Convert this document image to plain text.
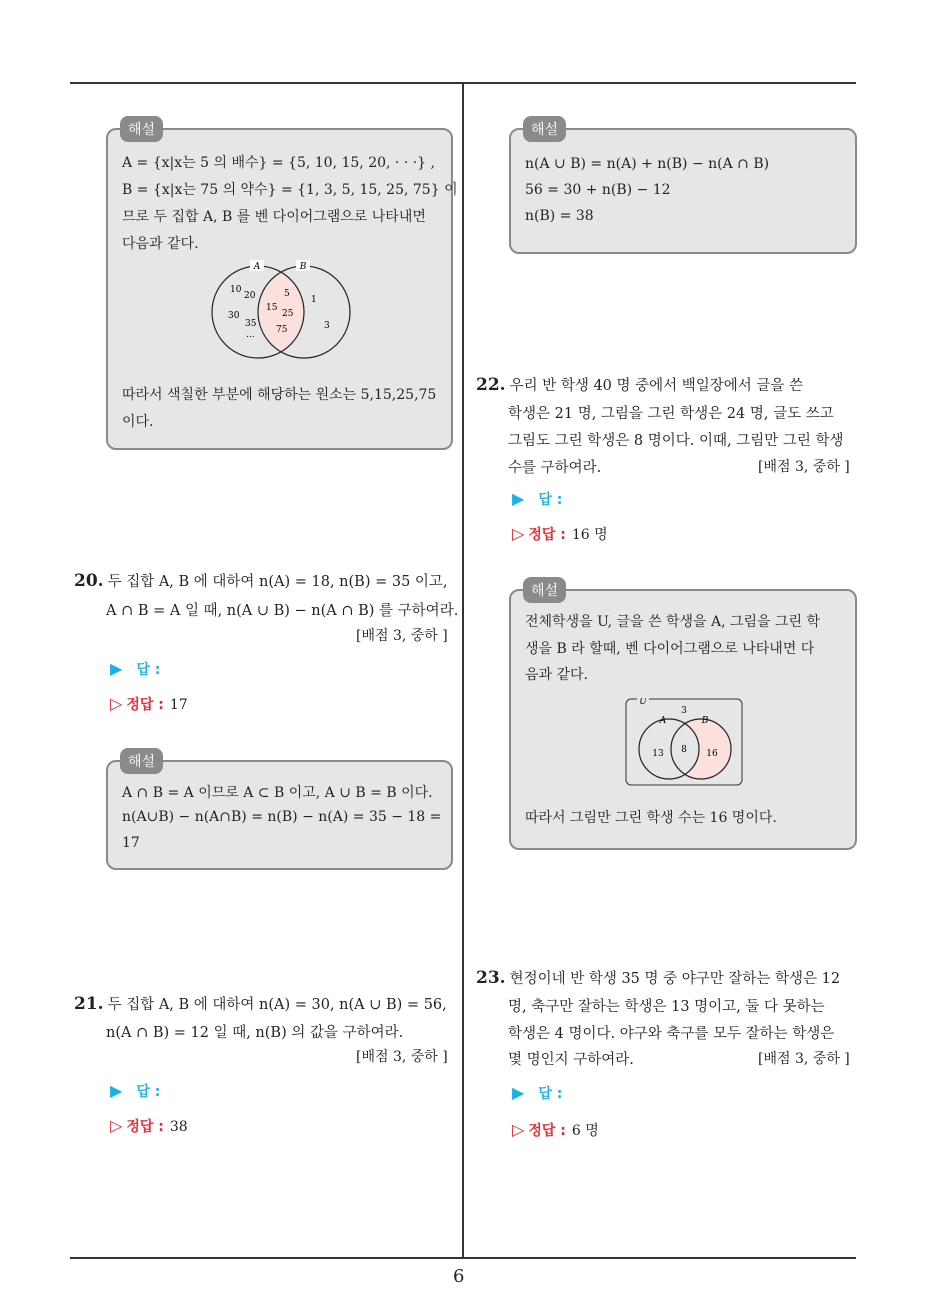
6
해설
A = {x|x는 5 의 배수} = {5, 10, 15, 20, · · ·} ,
B = {x|x는 75 의 약수} = {1, 3, 5, 15, 25, 75} 이
므로 두 집합 A, B 를 벤 다이어그램으로 나타내면
다음과 같다.
A	B
10
20
30
35
...
5
15
25
75
1
3
따라서 색칠한 부분에 해당하는 원소는 5,15,25,75
이다.
20. 두 집합 A, B 에 대하여 n(A) = 18, n(B) = 35 이고,
A ∩ B = A 일 때, n(A ∪ B) − n(A ∩ B) 를 구하여라.
[배점 3, 중하 ]
▶ 답 :
▷ 정답 : 17
해설
A ∩ B = A 이므로 A ⊂ B 이고, A ∪ B = B 이다.
n(A∪B) − n(A∩B) = n(B) − n(A) = 35 − 18 =
17
21. 두 집합 A, B 에 대하여 n(A) = 30, n(A ∪ B) = 56,
n(A ∩ B) = 12 일 때, n(B) 의 값을 구하여라.
[배점 3, 중하 ]
▶ 답 :
▷ 정답 : 38
해설
n(A ∪ B) = n(A) + n(B) − n(A ∩ B)
56 = 30 + n(B) − 12
n(B) = 38
22. 우리 반 학생 40 명 중에서 백일장에서 글을 쓴
학생은 21 명, 그림을 그린 학생은 24 명, 글도 쓰고
그림도 그린 학생은 8 명이다. 이때, 그림만 그린 학생
수를 구하여라.	[배점 3, 중하 ]
▶ 답 :
▷ 정답 : 16 명
해설
전체학생을 U, 글을 쓴 학생을 A, 그림을 그린 학
생을 B 라 할때, 벤 다이어그램으로 나타내면 다
음과 같다.
U
A	B
3
13 8 16
따라서 그림만 그린 학생 수는 16 명이다.
23. 현정이네 반 학생 35 명 중 야구만 잘하는 학생은 12
명, 축구만 잘하는 학생은 13 명이고, 둘 다 못하는
학생은 4 명이다. 야구와 축구를 모두 잘하는 학생은
몇 명인지 구하여라.	[배점 3, 중하 ]
▶ 답 :
▷ 정답 : 6 명
